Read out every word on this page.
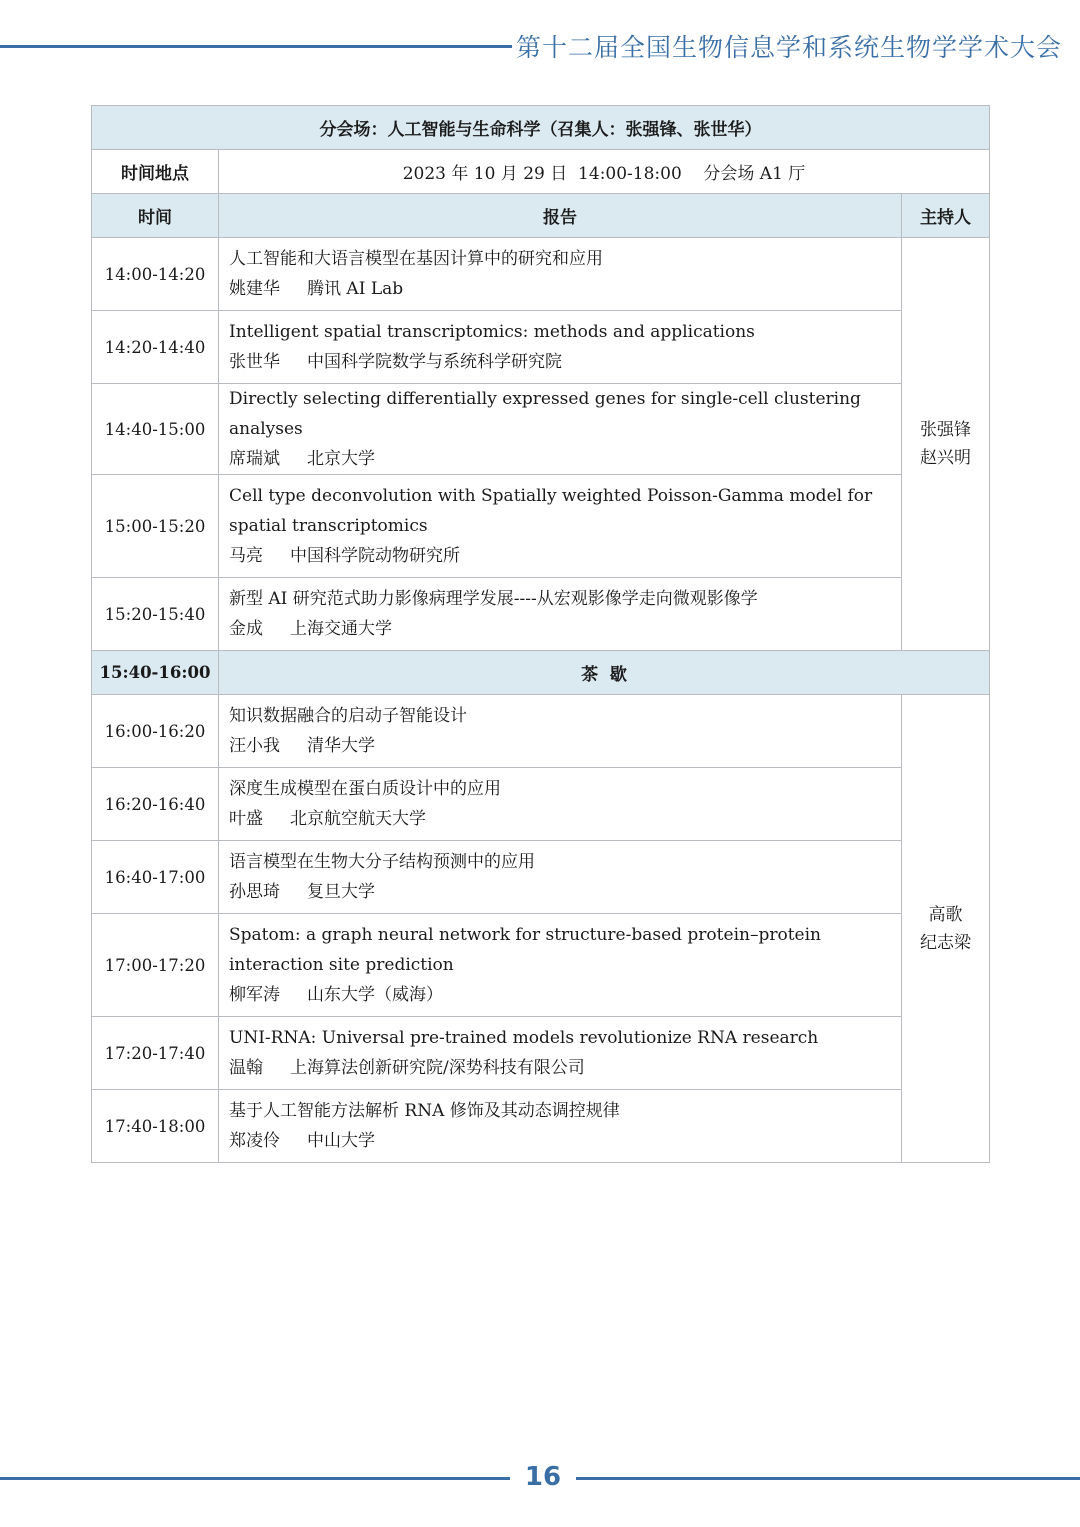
第十二届全国生物信息学和系统生物学学术大会
分会场：人工智能与生命科学（召集人：张强锋、张世华）		
时间地点	2023 年 10 月 29 日  14:00-18:00    分会场 A1 厅	
时间	报告	主持人
14:00-14:20	人工智能和大语言模型在基因计算中的研究和应用
姚建华 腾讯 AI Lab	张强锋
赵兴明

14:20-14:40	Intelligent spatial transcriptomics: methods and applications
张世华 中国科学院数学与系统科学研究院	

14:40-15:00	Directly selecting differentially expressed genes for single-cell clustering analyses
席瑞斌 北京大学	

15:00-15:20	Cell type deconvolution with Spatially weighted Poisson-Gamma model for spatial transcriptomics
马亮 中国科学院动物研究所	

15:20-15:40	新型 AI 研究范式助力影像病理学发展----从宏观影像学走向微观影像学
金成 上海交通大学	

15:40-16:00	茶  歇	
16:00-16:20	知识数据融合的启动子智能设计
汪小我 清华大学	高歌
纪志梁

16:20-16:40	深度生成模型在蛋白质设计中的应用
叶盛 北京航空航天大学	

16:40-17:00	语言模型在生物大分子结构预测中的应用
孙思琦 复旦大学	

17:00-17:20	Spatom: a graph neural network for structure-based protein–protein interaction site prediction
柳军涛 山东大学（威海）	

17:20-17:40	UNI-RNA: Universal pre-trained models revolutionize RNA research
温翰 上海算法创新研究院/深势科技有限公司	

17:40-18:00	基于人工智能方法解析 RNA 修饰及其动态调控规律
郑凌伶 中山大学	
16
